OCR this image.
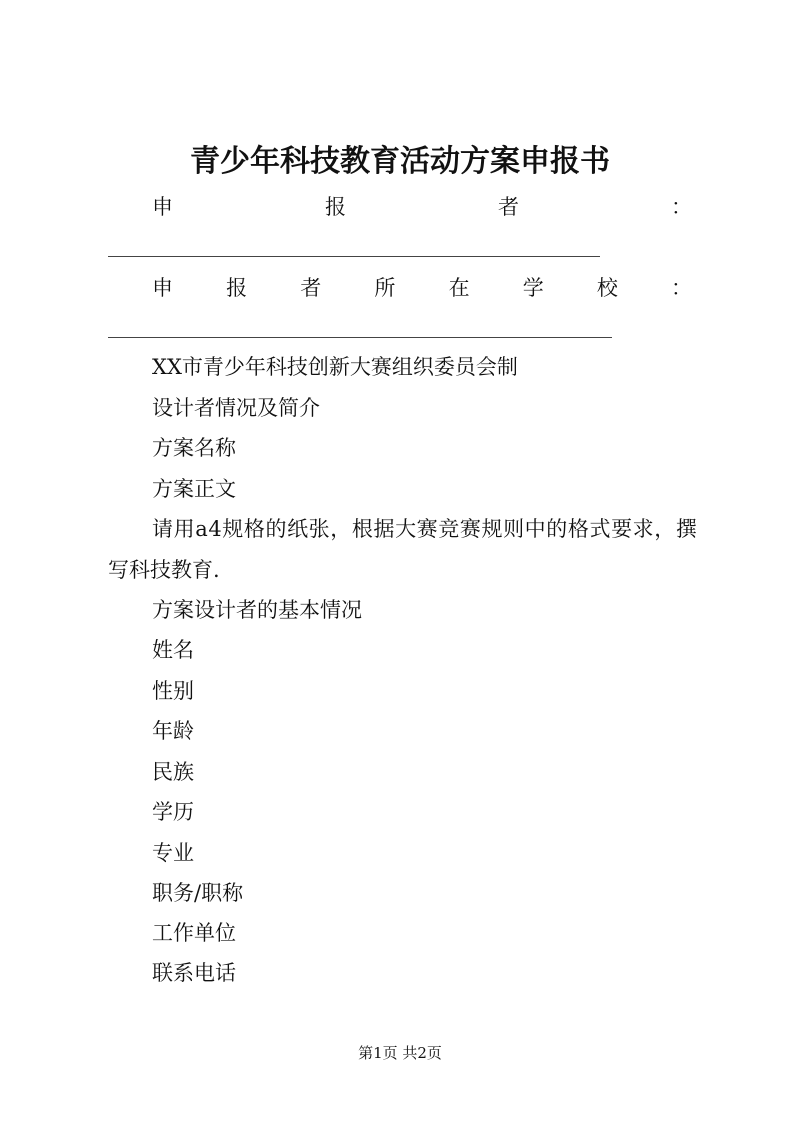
青少年科技教育活动方案申报书
申	报	者	：
申	报	者	所	在	学	校	：
XX市青少年科技创新大赛组织委员会制
设计者情况及简介
方案名称
方案正文
请用a4规格的纸张，根据大赛竞赛规则中的格式要求，撰
写科技教育.
方案设计者的基本情况
姓名
性别
年龄
民族
学历
专业
职务/职称
工作单位
联系电话
第1页 共2页
